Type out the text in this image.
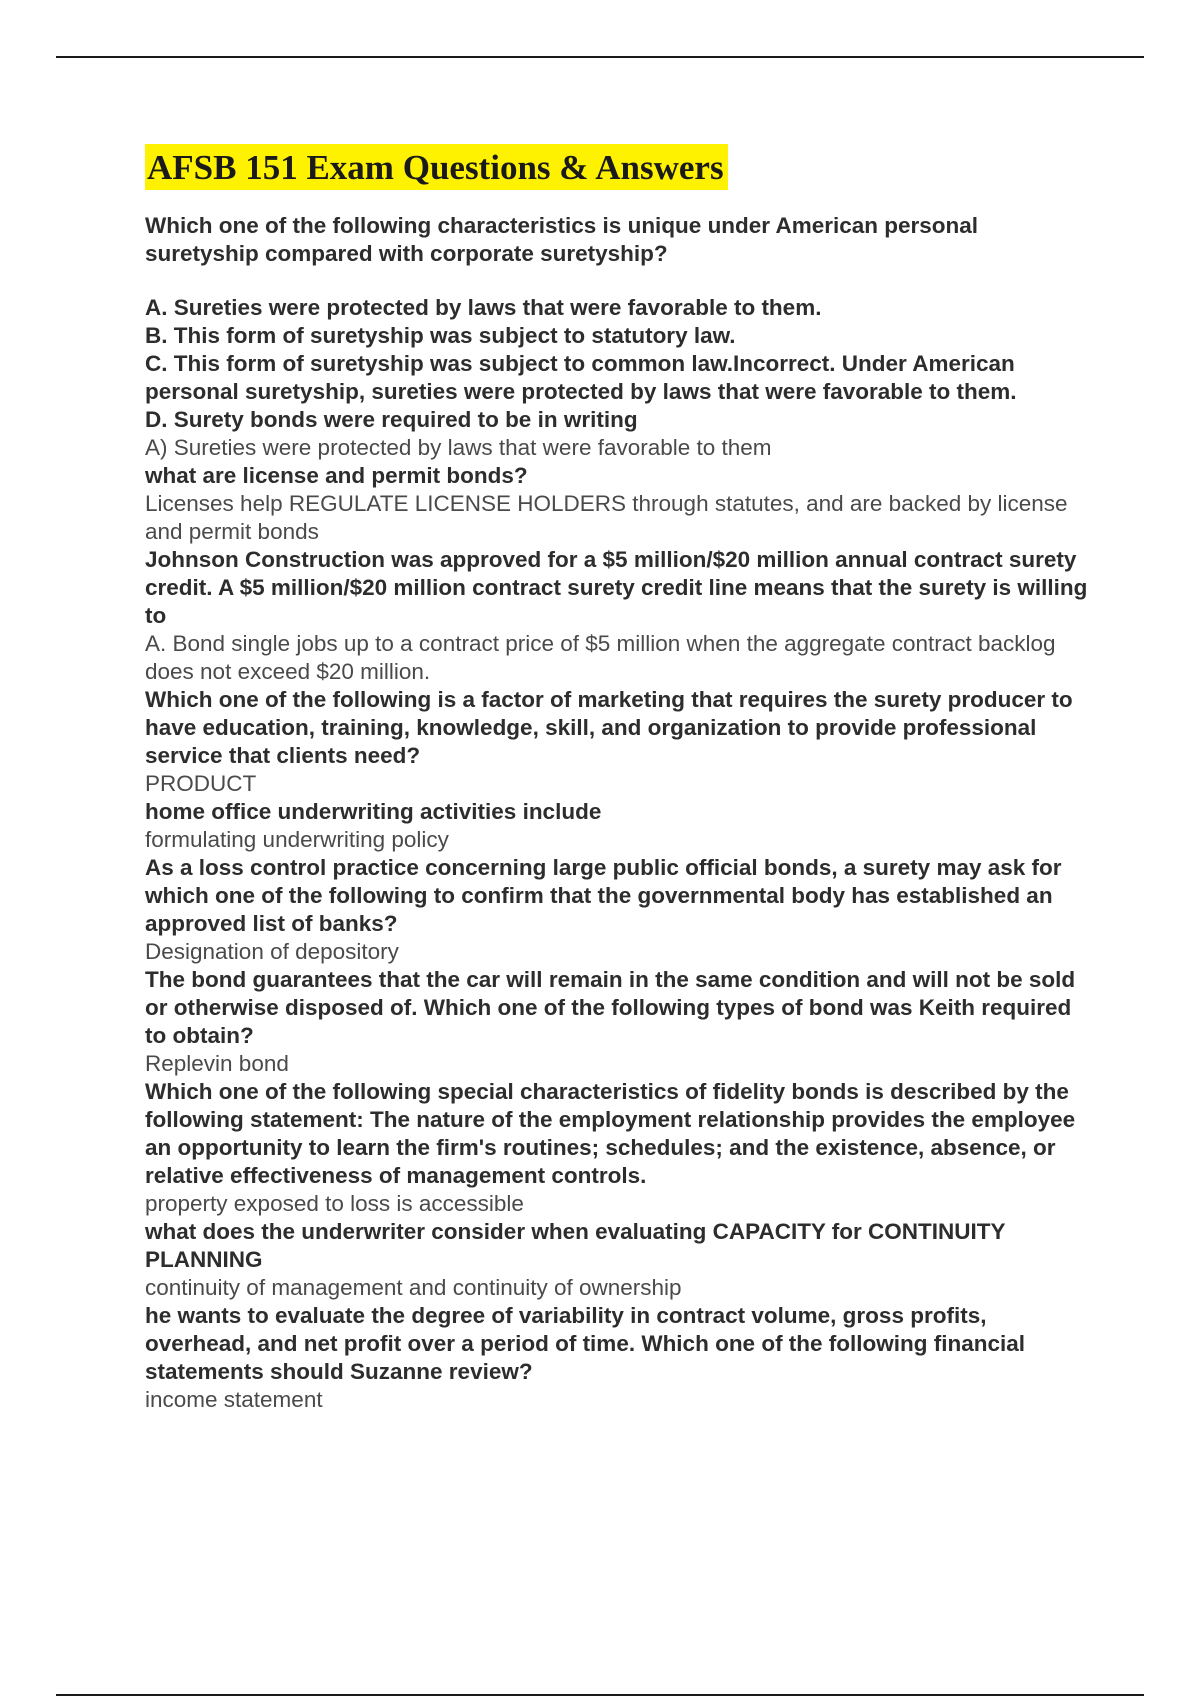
AFSB 151 Exam Questions & Answers

Which one of the following characteristics is unique under American personal suretyship compared with corporate suretyship?

A. Sureties were protected by laws that were favorable to them.

B. This form of suretyship was subject to statutory law.

C. This form of suretyship was subject to common law.Incorrect. Under American personal suretyship, sureties were protected by laws that were favorable to them.

D. Surety bonds were required to be in writing

A) Sureties were protected by laws that were favorable to them

what are license and permit bonds?

Licenses help REGULATE LICENSE HOLDERS through statutes, and are backed by license and permit bonds

Johnson Construction was approved for a $5 million/$20 million annual contract surety credit. A $5 million/$20 million contract surety credit line means that the surety is willing to

A. Bond single jobs up to a contract price of $5 million when the aggregate contract backlog does not exceed $20 million.

Which one of the following is a factor of marketing that requires the surety producer to have education, training, knowledge, skill, and organization to provide professional service that clients need?

PRODUCT

home office underwriting activities include

formulating underwriting policy

As a loss control practice concerning large public official bonds, a surety may ask for which one of the following to confirm that the governmental body has established an approved list of banks?

Designation of depository

The bond guarantees that the car will remain in the same condition and will not be sold or otherwise disposed of. Which one of the following types of bond was Keith required to obtain?

Replevin bond

Which one of the following special characteristics of fidelity bonds is described by the following statement: The nature of the employment relationship provides the employee an opportunity to learn the firm's routines; schedules; and the existence, absence, or relative effectiveness of management controls.

property exposed to loss is accessible

what does the underwriter consider when evaluating CAPACITY for CONTINUITY PLANNING

continuity of management and continuity of ownership

he wants to evaluate the degree of variability in contract volume, gross profits, overhead, and net profit over a period of time. Which one of the following financial statements should Suzanne review?

income statement
